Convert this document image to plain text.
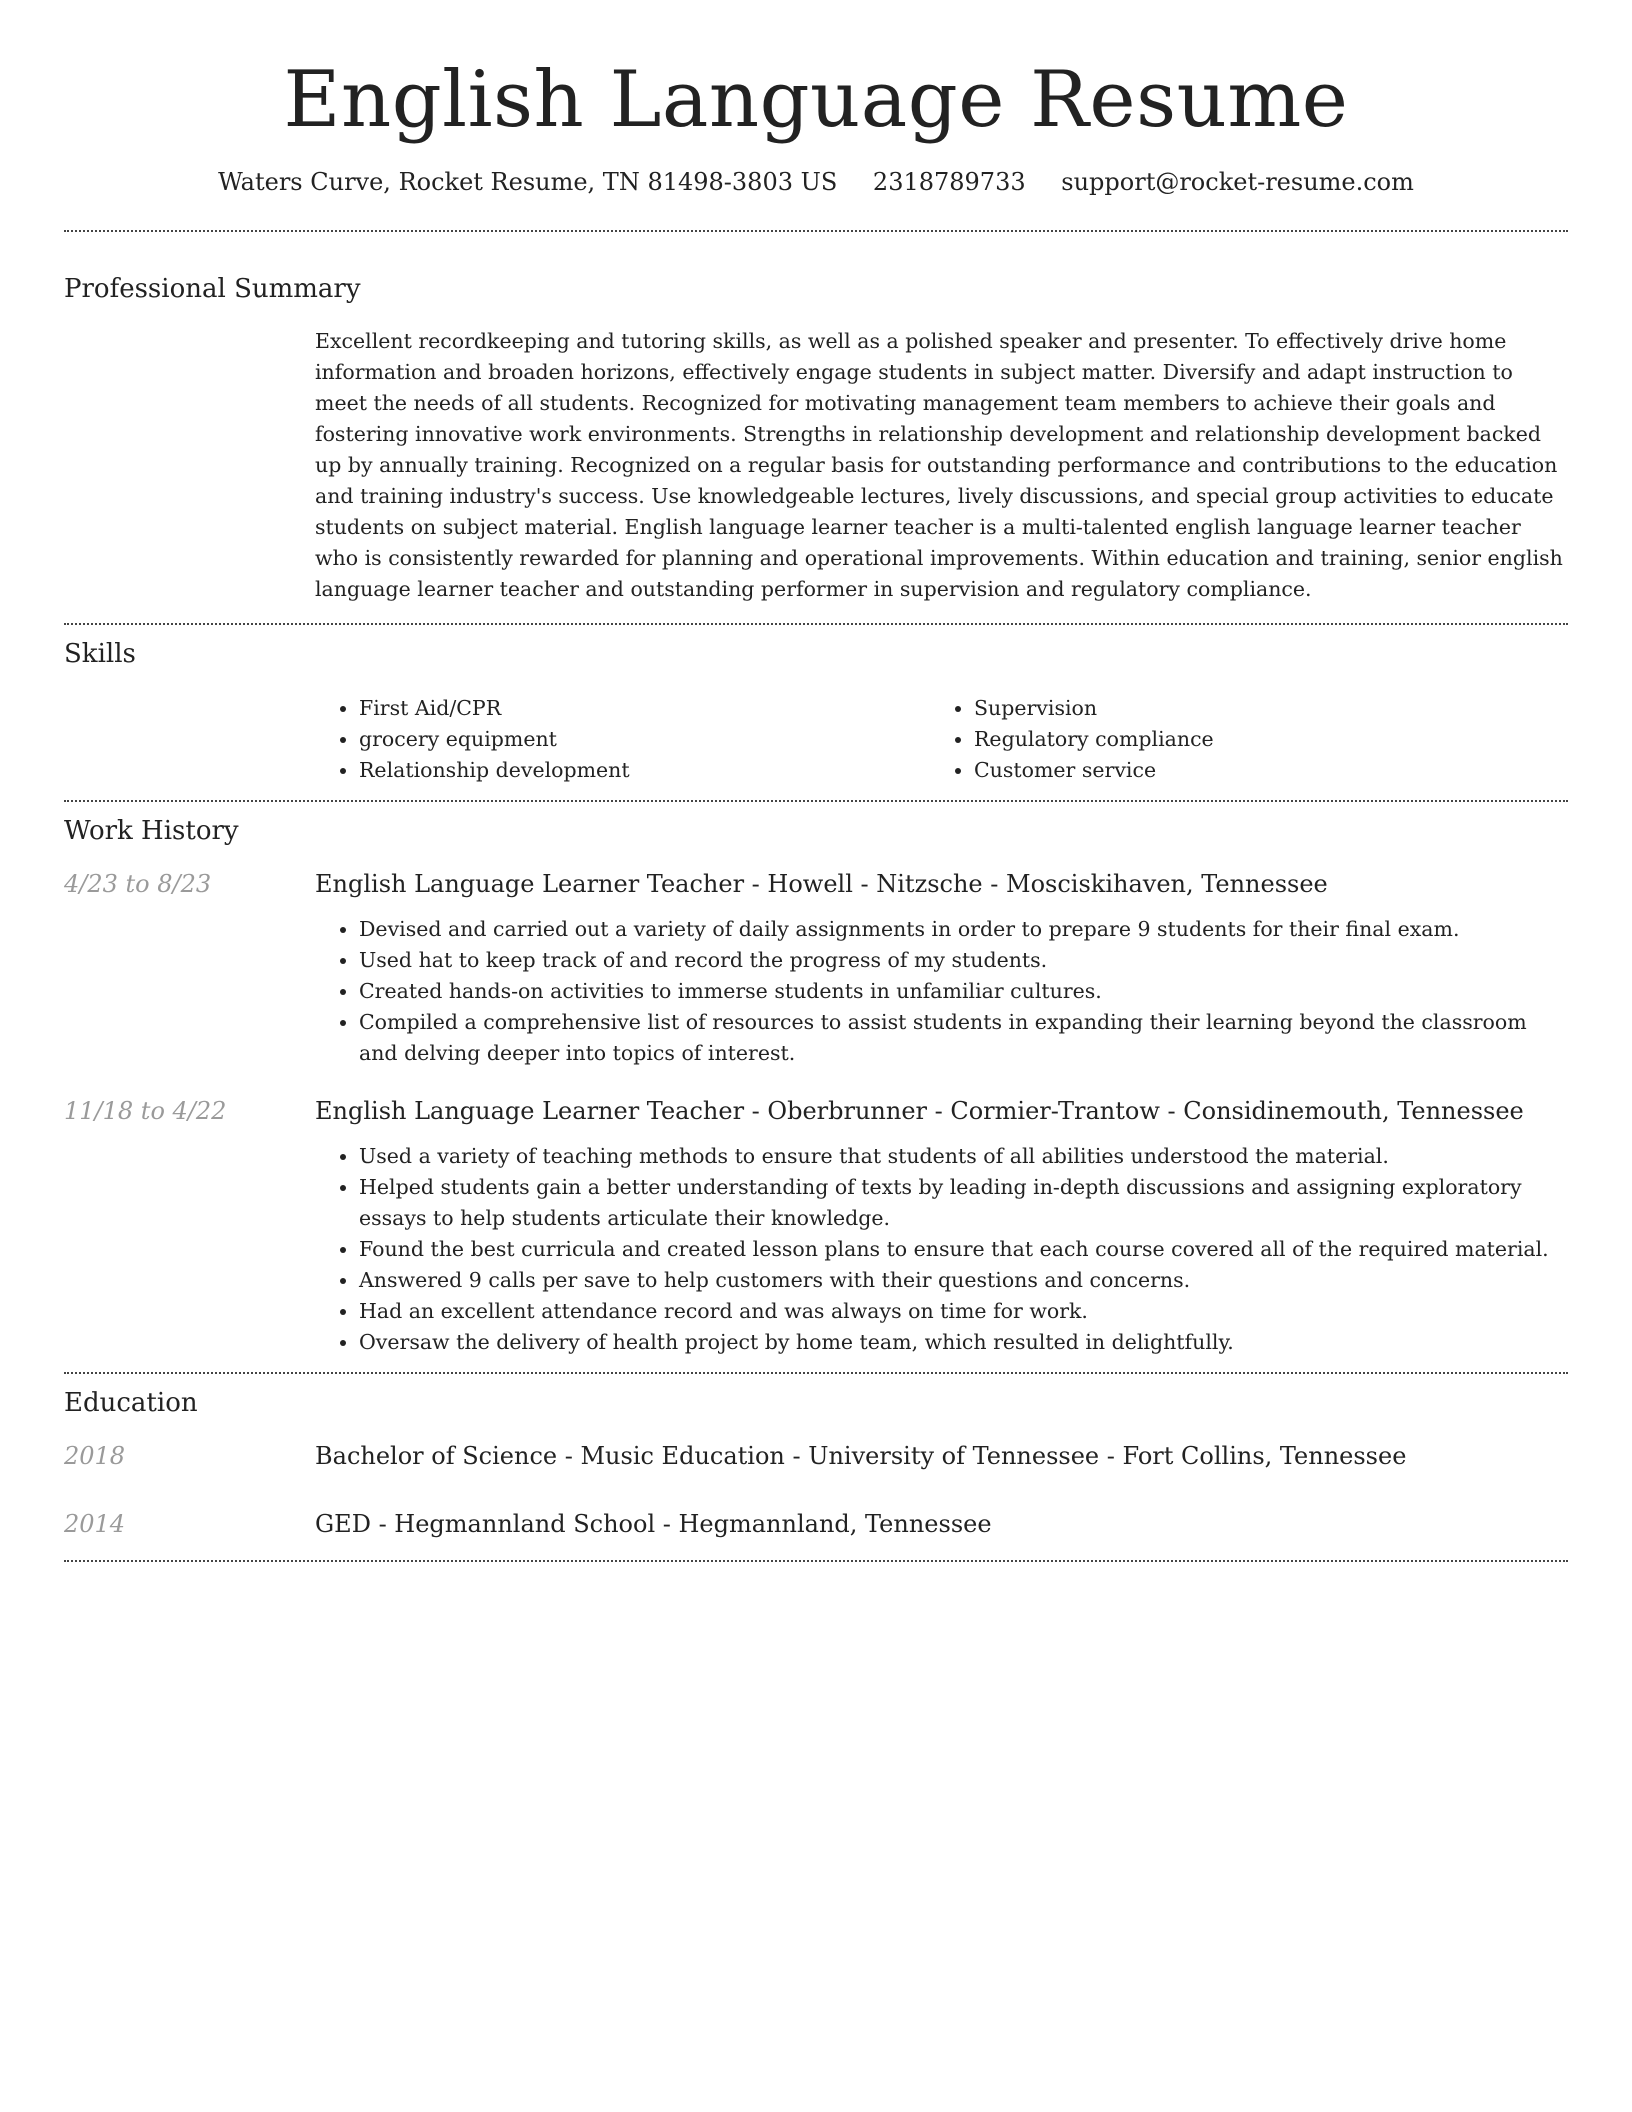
English Language Resume
Waters Curve, Rocket Resume, TN 81498-3803 US 2318789733 support@rocket-resume.com
Professional Summary
Excellent recordkeeping and tutoring skills, as well as a polished speaker and presenter. To effectively drive home information and broaden horizons, effectively engage students in subject matter. Diversify and adapt instruction to meet the needs of all students. Recognized for motivating management team members to achieve their goals and fostering innovative work environments. Strengths in relationship development and relationship development backed up by annually training. Recognized on a regular basis for outstanding performance and contributions to the education and training industry's success. Use knowledgeable lectures, lively discussions, and special group activities to educate students on subject material. English language learner teacher is a multi-talented english language learner teacher who is consistently rewarded for planning and operational improvements. Within education and training, senior english language learner teacher and outstanding performer in supervision and regulatory compliance.
Skills
• First Aid/CPR
• grocery equipment
• Relationship development
• Supervision
• Regulatory compliance
• Customer service
Work History
4/23 to 8/23	English Language Learner Teacher - Howell - Nitzsche - Mosciskihaven, Tennessee
• Devised and carried out a variety of daily assignments in order to prepare 9 students for their final exam.
• Used hat to keep track of and record the progress of my students.
• Created hands-on activities to immerse students in unfamiliar cultures.
• Compiled a comprehensive list of resources to assist students in expanding their learning beyond the classroom and delving deeper into topics of interest.
11/18 to 4/22	English Language Learner Teacher - Oberbrunner - Cormier-Trantow - Considinemouth, Tennessee
• Used a variety of teaching methods to ensure that students of all abilities understood the material.
• Helped students gain a better understanding of texts by leading in-depth discussions and assigning exploratory essays to help students articulate their knowledge.
• Found the best curricula and created lesson plans to ensure that each course covered all of the required material.
• Answered 9 calls per save to help customers with their questions and concerns.
• Had an excellent attendance record and was always on time for work.
• Oversaw the delivery of health project by home team, which resulted in delightfully.
Education
2018	Bachelor of Science - Music Education - University of Tennessee - Fort Collins, Tennessee
2014	GED - Hegmannland School - Hegmannland, Tennessee
